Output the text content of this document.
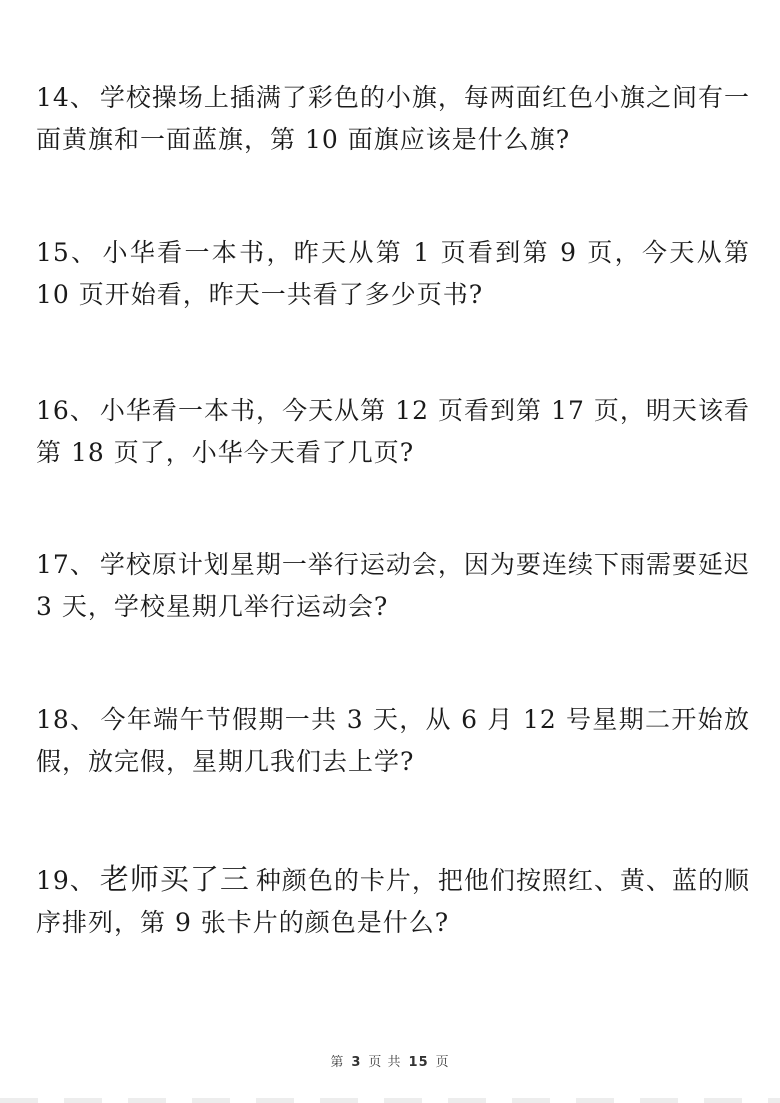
14、 学校操场上插满了彩色的小旗，每两面红色小旗之间有一面黄旗和一面蓝旗，第 10 面旗应该是什么旗?

15、 小华看一本书，昨天从第 1 页看到第 9 页，今天从第 10 页开始看，昨天一共看了多少页书?

16、 小华看一本书，今天从第 12 页看到第 17 页，明天该看第 18 页了，小华今天看了几页?

17、 学校原计划星期一举行运动会，因为要连续下雨需要延迟 3 天，学校星期几举行运动会?

18、 今年端午节假期一共 3 天，从 6 月 12 号星期二开始放假，放完假，星期几我们去上学?

19、 老师买了三 种颜色的卡片，把他们按照红、黄、蓝的顺序排列，第 9 张卡片的颜色是什么?

第 3 页 共 15 页
